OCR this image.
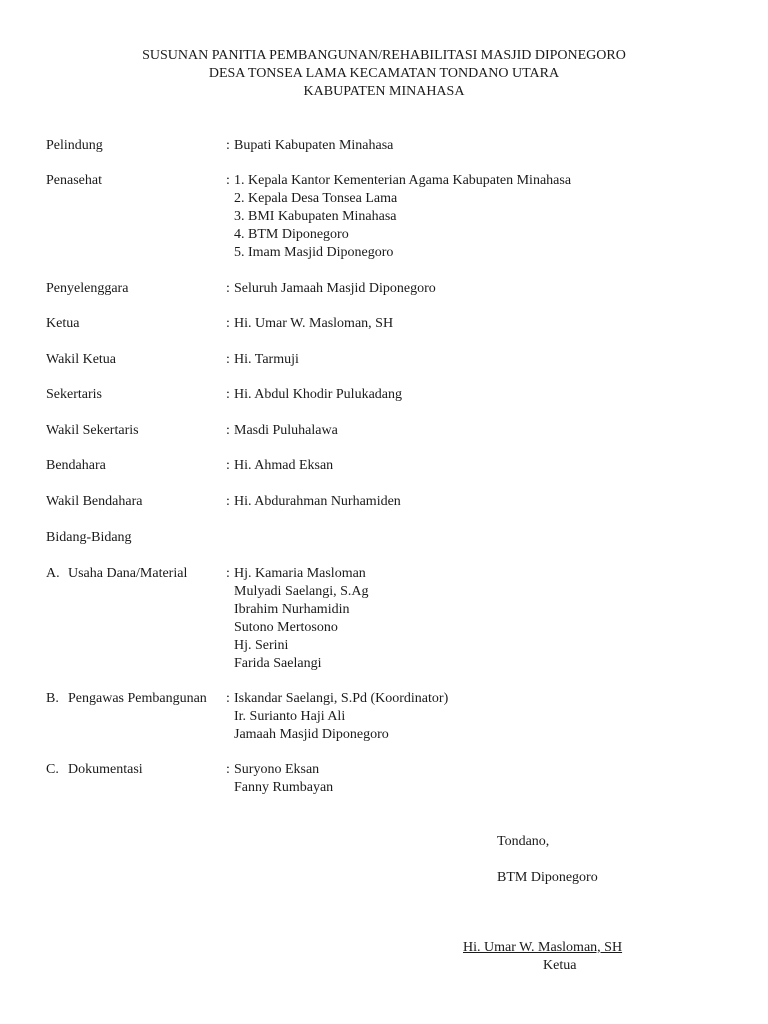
SUSUNAN PANITIA PEMBANGUNAN/REHABILITASI MASJID DIPONEGORO
DESA TONSEA LAMA KECAMATAN TONDANO UTARA
KABUPATEN MINAHASA
Pelindung	: Bupati Kabupaten Minahasa
Penasehat	: 1. Kepala Kantor Kementerian Agama Kabupaten Minahasa
2. Kepala Desa Tonsea Lama
3. BMI Kabupaten Minahasa
4. BTM Diponegoro
5. Imam Masjid Diponegoro
Penyelenggara	: Seluruh Jamaah Masjid Diponegoro
Ketua	: Hi. Umar W. Masloman, SH
Wakil Ketua	: Hi. Tarmuji
Sekertaris	: Hi. Abdul Khodir Pulukadang
Wakil Sekertaris	: Masdi Puluhalawa
Bendahara	: Hi. Ahmad Eksan
Wakil Bendahara	: Hi. Abdurahman Nurhamiden
Bidang-Bidang
A. Usaha Dana/Material	: Hj. Kamaria Masloman
Mulyadi Saelangi, S.Ag
Ibrahim Nurhamidin
Sutono Mertosono
Hj. Serini
Farida Saelangi
B. Pengawas Pembangunan : Iskandar Saelangi, S.Pd (Koordinator)
Ir. Surianto Haji Ali
Jamaah Masjid Diponegoro
C. Dokumentasi	: Suryono Eksan
Fanny Rumbayan
Tondano,
BTM Diponegoro
Hi. Umar W. Masloman, SH
Ketua
